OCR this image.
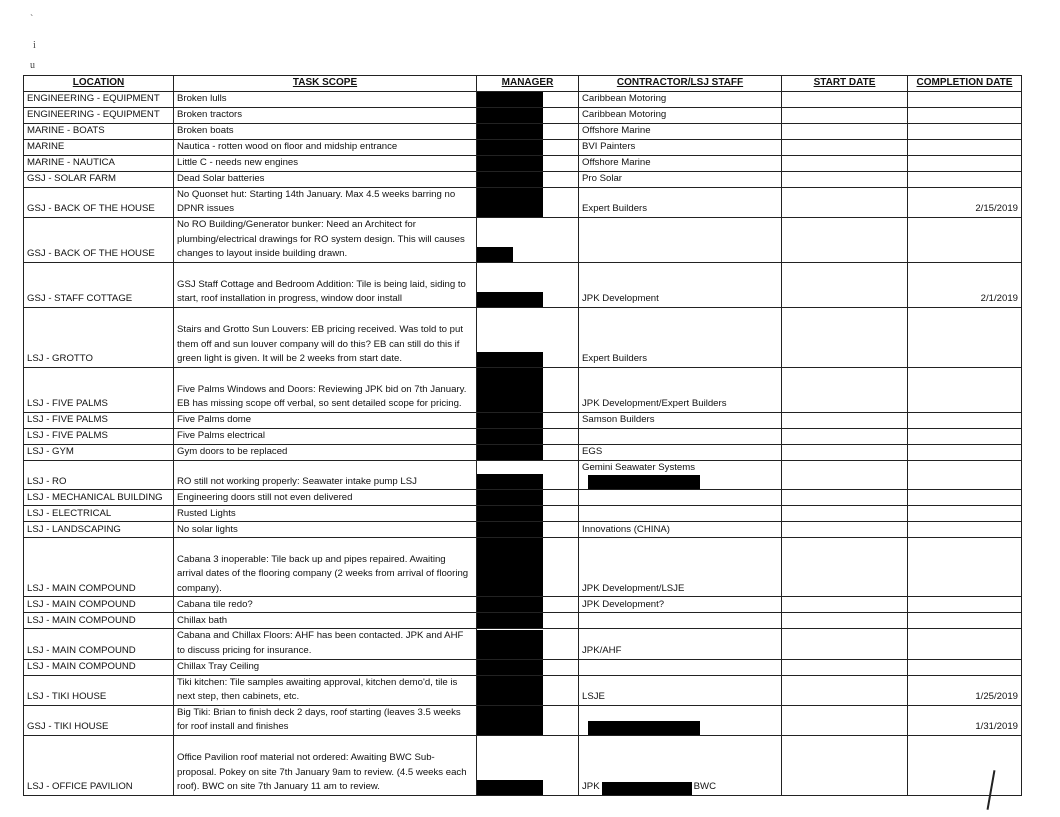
`
i
u
LOCATION	TASK SCOPE	MANAGER	CONTRACTOR/LSJ STAFF	START DATE	COMPLETION DATE
ENGINEERING - EQUIPMENT	Broken lulls		Caribbean Motoring		
ENGINEERING - EQUIPMENT	Broken tractors		Caribbean Motoring		
MARINE - BOATS	Broken boats		Offshore Marine		
MARINE	Nautica - rotten wood on floor and midship entrance		BVI Painters		
MARINE - NAUTICA	Little C - needs new engines		Offshore Marine		
GSJ - SOLAR FARM	Dead Solar batteries		Pro Solar		
GSJ - BACK OF THE HOUSE	No Quonset hut: Starting 14th January. Max 4.5 weeks barring no DPNR issues		Expert Builders		2/15/2019
GSJ - BACK OF THE HOUSE	No RO Building/Generator bunker: Need an Architect for plumbing/electrical drawings for RO system design. This will causes changes to layout inside building drawn.	

GSJ - STAFF COTTAGE	GSJ Staff Cottage and Bedroom Addition: Tile is being laid, siding to start, roof installation in progress, window door install		JPK Development		2/1/2019
LSJ - GROTTO	Stairs and Grotto Sun Louvers: EB pricing received. Was told to put them off and sun louver company will do this? EB can still do this if green light is given. It will be 2 weeks from start date.		Expert Builders		
LSJ - FIVE PALMS	Five Palms Windows and Doors: Reviewing JPK bid on 7th January. EB has missing scope off verbal, so sent detailed scope for pricing.		JPK Development/Expert Builders		
LSJ - FIVE PALMS	Five Palms dome		Samson Builders		
LSJ - FIVE PALMS	Five Palms electrical	

LSJ - GYM	Gym doors to be replaced		EGS		
LSJ - RO	RO still not working properly: Seawater intake pump LSJ		Gemini Seawater Systems

LSJ - MECHANICAL BUILDING	Engineering doors still not even delivered	

LSJ - ELECTRICAL	Rusted Lights	

LSJ - LANDSCAPING	No solar lights		Innovations (CHINA)		
LSJ - MAIN COMPOUND	Cabana 3 inoperable: Tile back up and pipes repaired. Awaiting arrival dates of the flooring company (2 weeks from arrival of flooring company).		JPK Development/LSJE		
LSJ - MAIN COMPOUND	Cabana tile redo?		JPK Development?		
LSJ - MAIN COMPOUND	Chillax bath	

LSJ - MAIN COMPOUND	Cabana and Chillax Floors: AHF has been contacted. JPK and AHF to discuss pricing for insurance.		JPK/AHF		
LSJ - MAIN COMPOUND	Chillax Tray Ceiling	

LSJ - TIKI HOUSE	Tiki kitchen: Tile samples awaiting approval, kitchen demo'd, tile is next step, then cabinets, etc.		LSJE		1/25/2019
GSJ - TIKI HOUSE	Big Tiki: Brian to finish deck 2 days, roof starting (leaves 3.5 weeks for roof install and finishes				1/31/2019
LSJ - OFFICE PAVILION	Office Pavilion roof material not ordered: Awaiting BWC Sub-proposal. Pokey on site 7th January 9am to review. (4.5 weeks each roof). BWC on site 7th January 11 am to review.		JPK BWC		
